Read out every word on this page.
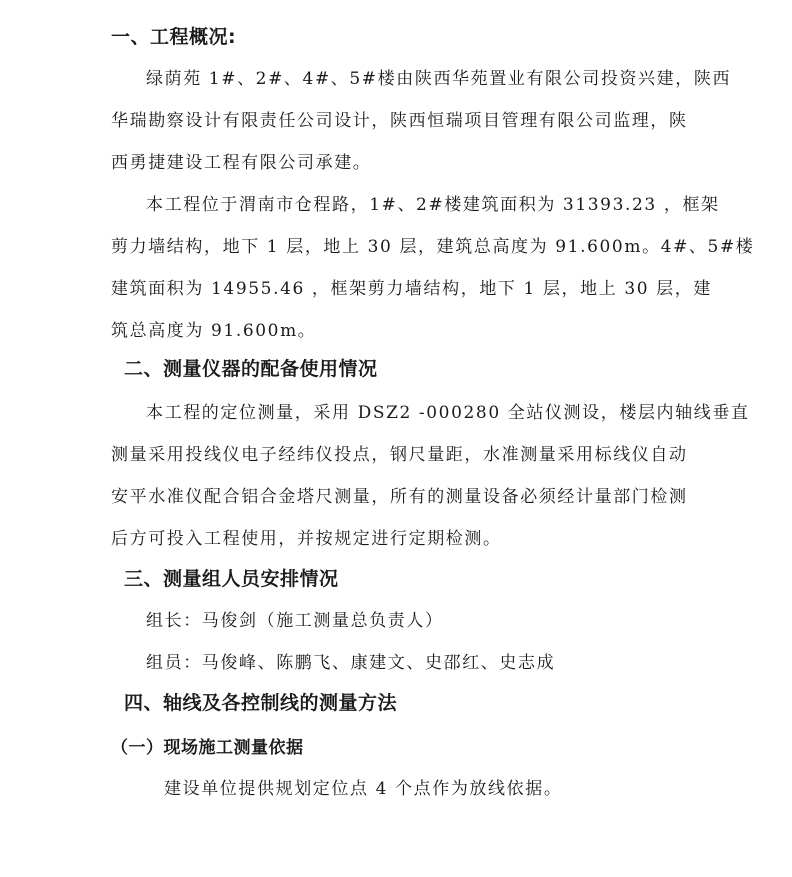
一、工程概况:
绿荫苑 1#、2#、4#、5#楼由陕西华苑置业有限公司投资兴建，陕西
华瑞勘察设计有限责任公司设计，陕西恒瑞项目管理有限公司监理，陕
西勇捷建设工程有限公司承建。
本工程位于渭南市仓程路，1#、2#楼建筑面积为 31393.23 ，框架
剪力墙结构，地下 1 层，地上 30 层，建筑总高度为 91.600m。4#、5#楼
建筑面积为 14955.46 ，框架剪力墙结构，地下 1 层，地上 30 层，建
筑总高度为 91.600m。
二、测量仪器的配备使用情况
本工程的定位测量，采用 DSZ2 -000280 全站仪测设，楼层内轴线垂直
测量采用投线仪电子经纬仪投点，钢尺量距，水准测量采用标线仪自动
安平水准仪配合铝合金塔尺测量，所有的测量设备必须经计量部门检测
后方可投入工程使用，并按规定进行定期检测。
三、测量组人员安排情况
组长：马俊剑（施工测量总负责人）
组员：马俊峰、陈鹏飞、康建文、史邵红、史志成
四、轴线及各控制线的测量方法
（一）现场施工测量依据
建设单位提供规划定位点 4 个点作为放线依据。
